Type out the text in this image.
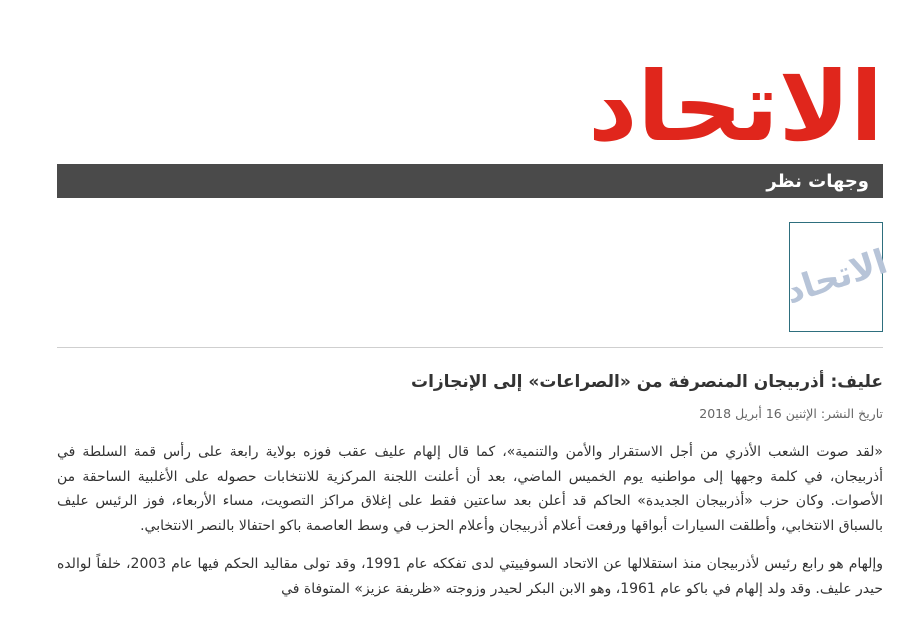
الاتحاد
وجهات نظر
الاتحاد
عليف: أذربيجان المنصرفة من «الصراعات» إلى الإنجازات
تاريخ النشر: الإثنين 16 أبريل 2018

«لقد صوت الشعب الأذري من أجل الاستقرار والأمن والتنمية»، كما قال إلهام عليف عقب فوزه بولاية رابعة على رأس قمة السلطة في أذربيجان، في كلمة وجهها إلى مواطنيه يوم الخميس الماضي، بعد أن أعلنت اللجنة المركزية للانتخابات حصوله على الأغلبية الساحقة من الأصوات. وكان حزب «أذربيجان الجديدة» الحاكم قد أعلن بعد ساعتين فقط على إغلاق مراكز التصويت، مساء الأربعاء، فوز الرئيس عليف بالسباق الانتخابي، وأطلقت السيارات أبواقها ورفعت أعلام أذربيجان وأعلام الحزب في وسط العاصمة باكو احتفالا بالنصر الانتخابي.

وإلهام هو رابع رئيس لأذربيجان منذ استقلالها عن الاتحاد السوفييتي لدى تفككه عام 1991، وقد تولى مقاليد الحكم فيها عام 2003، خلفاً لوالده حيدر عليف. وقد ولد إلهام في باكو عام 1961، وهو الابن البكر لحيدر وزوجته «ظريفة عزيز» المتوفاة في
